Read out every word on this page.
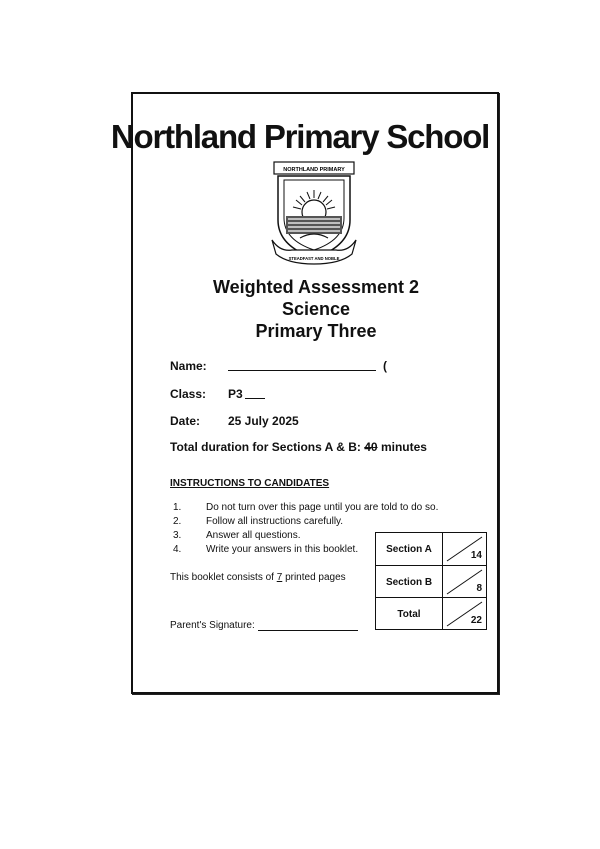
Northland Primary School
NORTHLAND PRIMARY
STEADFAST AND NOBLE
Weighted Assessment 2
Science
Primary Three
Name:	(
Class: P3
Date: 25 July 2025
Total duration for Sections A & B: 40 minutes
INSTRUCTIONS TO CANDIDATES
1. Do not turn over this page until you are told to do so.
2. Follow all instructions carefully.
3. Answer all questions.
4. Write your answers in this booklet.
This booklet consists of 7 printed pages
Parent's Signature:
Section A
14
Section B
8
Total
22
